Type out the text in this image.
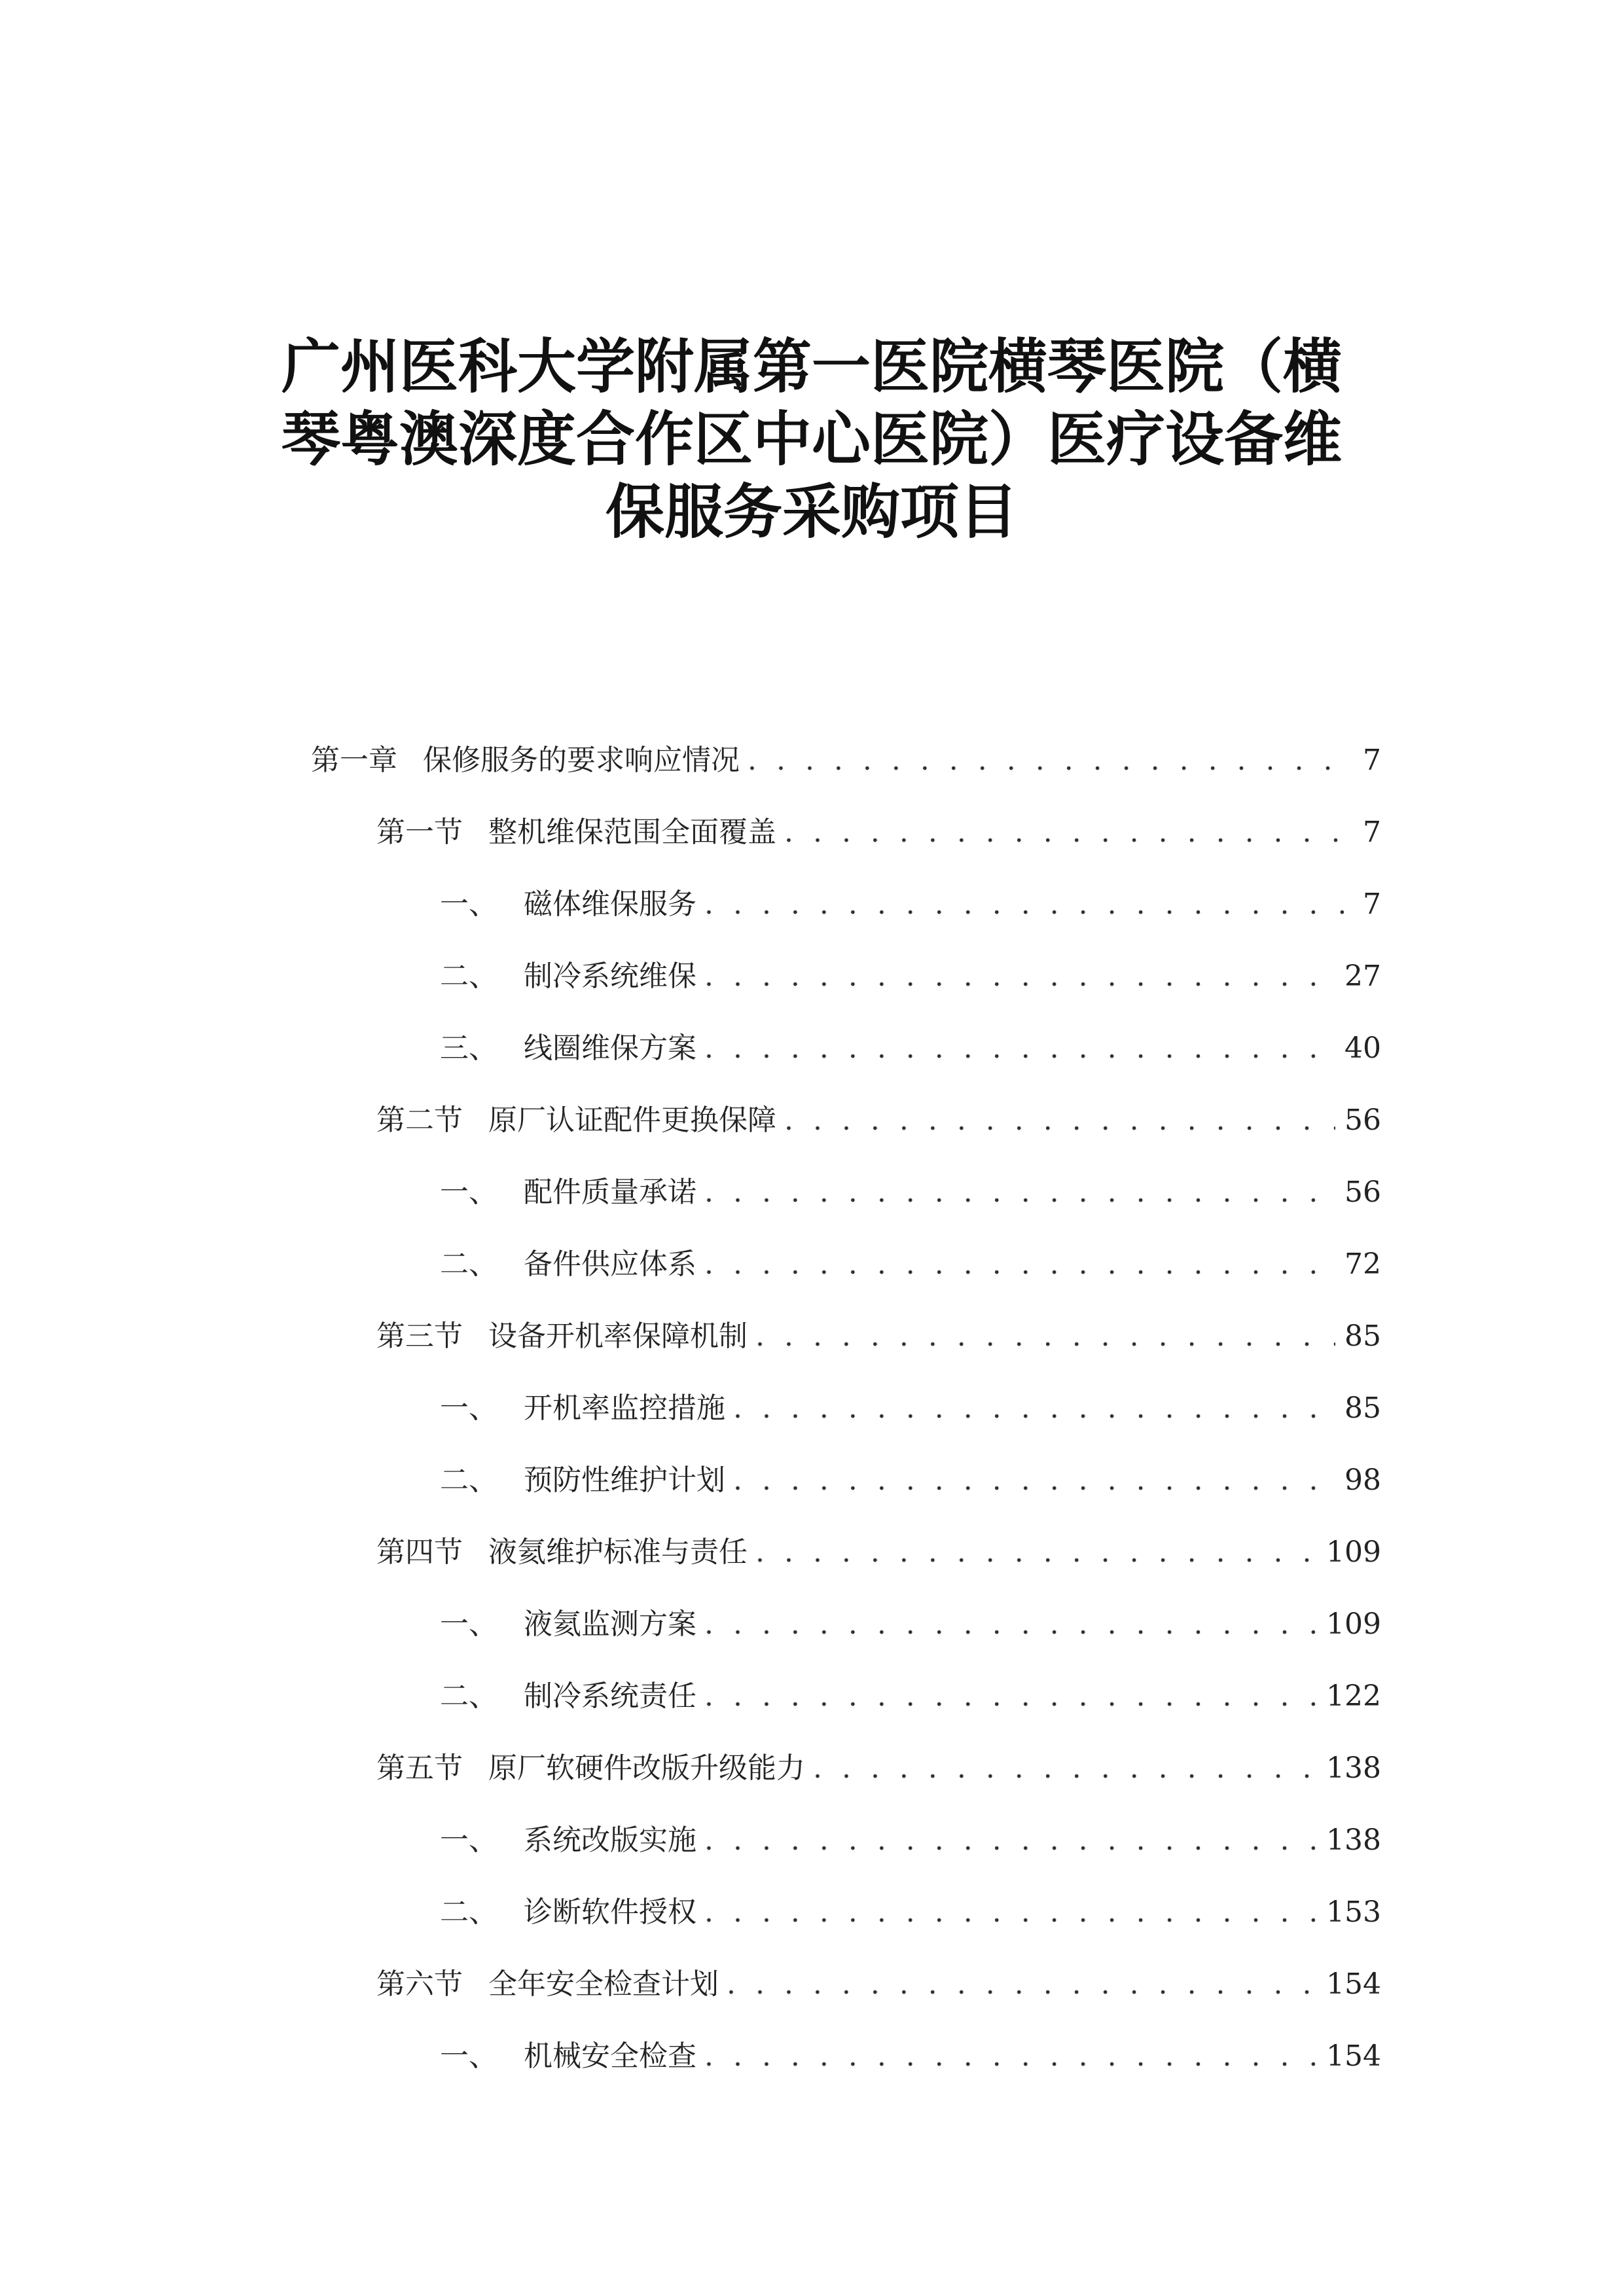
广州医科大学附属第一医院横琴医院（横
琴粤澳深度合作区中心医院）医疗设备维
保服务采购项目
第一章 保修服务的要求响应情况 . . .	7
第一节 整机维保范围全面覆盖 . . .	7
一、 磁体维保服务 . . .	7
二、 制冷系统维保 . . .	27
三、 线圈维保方案 . . .	40
第二节 原厂认证配件更换保障 . . .	56
一、 配件质量承诺 . . .	56
二、 备件供应体系 . . .	72
第三节 设备开机率保障机制 . . .	85
一、 开机率监控措施 . . .	85
二、 预防性维护计划 . . .	98
第四节 液氦维护标准与责任 . . .	109
一、 液氦监测方案 . . .	109
二、 制冷系统责任 . . .	122
第五节 原厂软硬件改版升级能力 . . .	138
一、 系统改版实施 . . .	138
二、 诊断软件授权 . . .	153
第六节 全年安全检查计划 . . .	154
一、 机械安全检查 . . .	154
